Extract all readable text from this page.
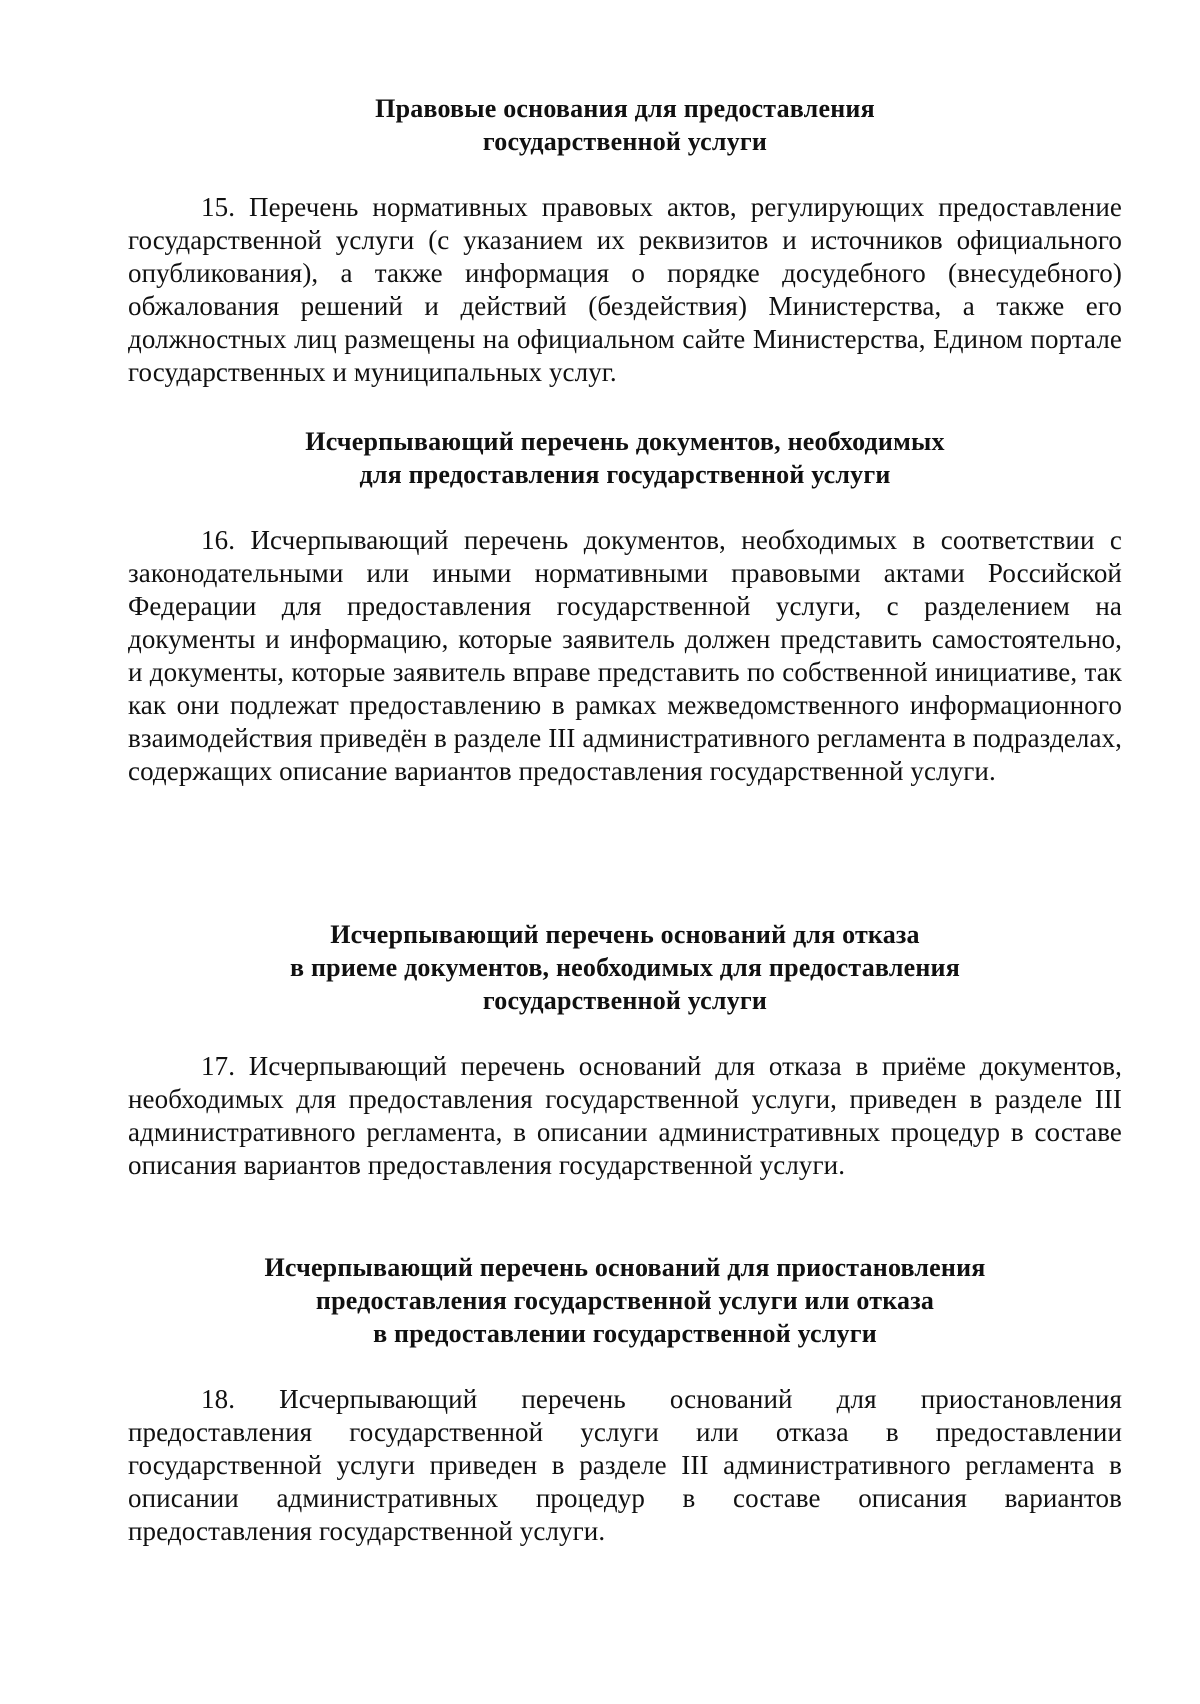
Правовые основания для предоставления
государственной услуги

15. Перечень нормативных правовых актов, регулирующих предоставление государственной услуги (с указанием их реквизитов и источников официального опубликования), а также информация о порядке досудебного (внесудебного) обжалования решений и действий (бездействия) Министерства, а также его должностных лиц размещены на официальном сайте Министерства, Едином портале государственных и муниципальных услуг.

Исчерпывающий перечень документов, необходимых
для предоставления государственной услуги

16. Исчерпывающий перечень документов, необходимых в соответствии с законодательными или иными нормативными правовыми актами Российской Федерации для предоставления государственной услуги, с разделением на документы и информацию, которые заявитель должен представить самостоятельно, и документы, которые заявитель вправе представить по собственной инициативе, так как они подлежат предоставлению в рамках межведомственного информационного взаимодействия приведён в разделе III административного регламента в подразделах, содержащих описание вариантов предоставления государственной услуги.

Исчерпывающий перечень оснований для отказа
в приеме документов, необходимых для предоставления
государственной услуги

17. Исчерпывающий перечень оснований для отказа в приёме документов, необходимых для предоставления государственной услуги, приведен в разделе III административного регламента, в описании административных процедур в составе описания вариантов предоставления государственной услуги.

Исчерпывающий перечень оснований для приостановления
предоставления государственной услуги или отказа
в предоставлении государственной услуги

18. Исчерпывающий перечень оснований для приостановления предоставления государственной услуги или отказа в предоставлении государственной услуги приведен в разделе III административного регламента в описании административных процедур в составе описания вариантов предоставления государственной услуги.
